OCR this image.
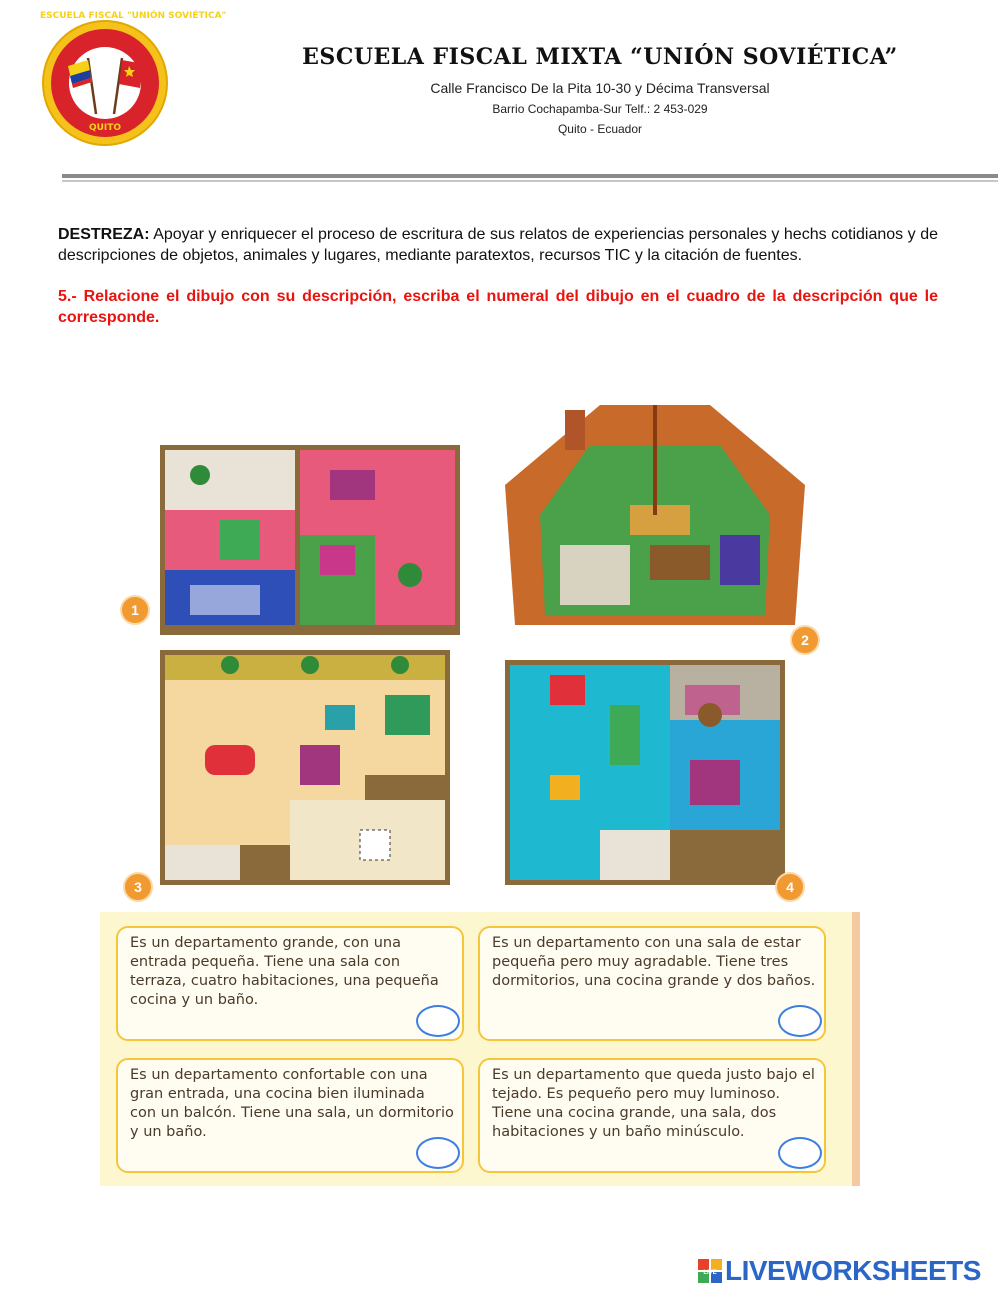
ESCUELA FISCAL "UNIÓN SOVIÉTICA"
QUITO
ESCUELA FISCAL MIXTA “UNIÓN SOVIÉTICA”
Calle Francisco De la Pita 10-30 y Décima Transversal
Barrio Cochapamba-Sur Telf.: 2 453-029
Quito - Ecuador
DESTREZA: Apoyar y enriquecer el proceso de escritura de sus relatos de experiencias personales y hechs cotidianos y de descripciones de objetos, animales y lugares, mediante paratextos, recursos TIC y la citación de fuentes.
5.- Relacione el dibujo con su descripción, escriba el numeral del dibujo en el cuadro de la descripción que le corresponde.
1
2
3	4
Es un departamento grande, con una entrada pequeña. Tiene una sala con terraza, cuatro habitaciones, una pequeña cocina y un baño.
Es un departamento con una sala de estar pequeña pero muy agradable. Tiene tres dormitorios, una cocina grande y dos baños.
Es un departamento confortable con una gran entrada, una cocina bien iluminada con un balcón. Tiene una sala, un dormitorio y un baño.
Es un departamento que queda justo bajo el tejado. Es pequeño pero muy luminoso. Tiene una cocina grande, una sala, dos habitaciones y un baño minúsculo.
LIVE LIVEWORKSHEETS
